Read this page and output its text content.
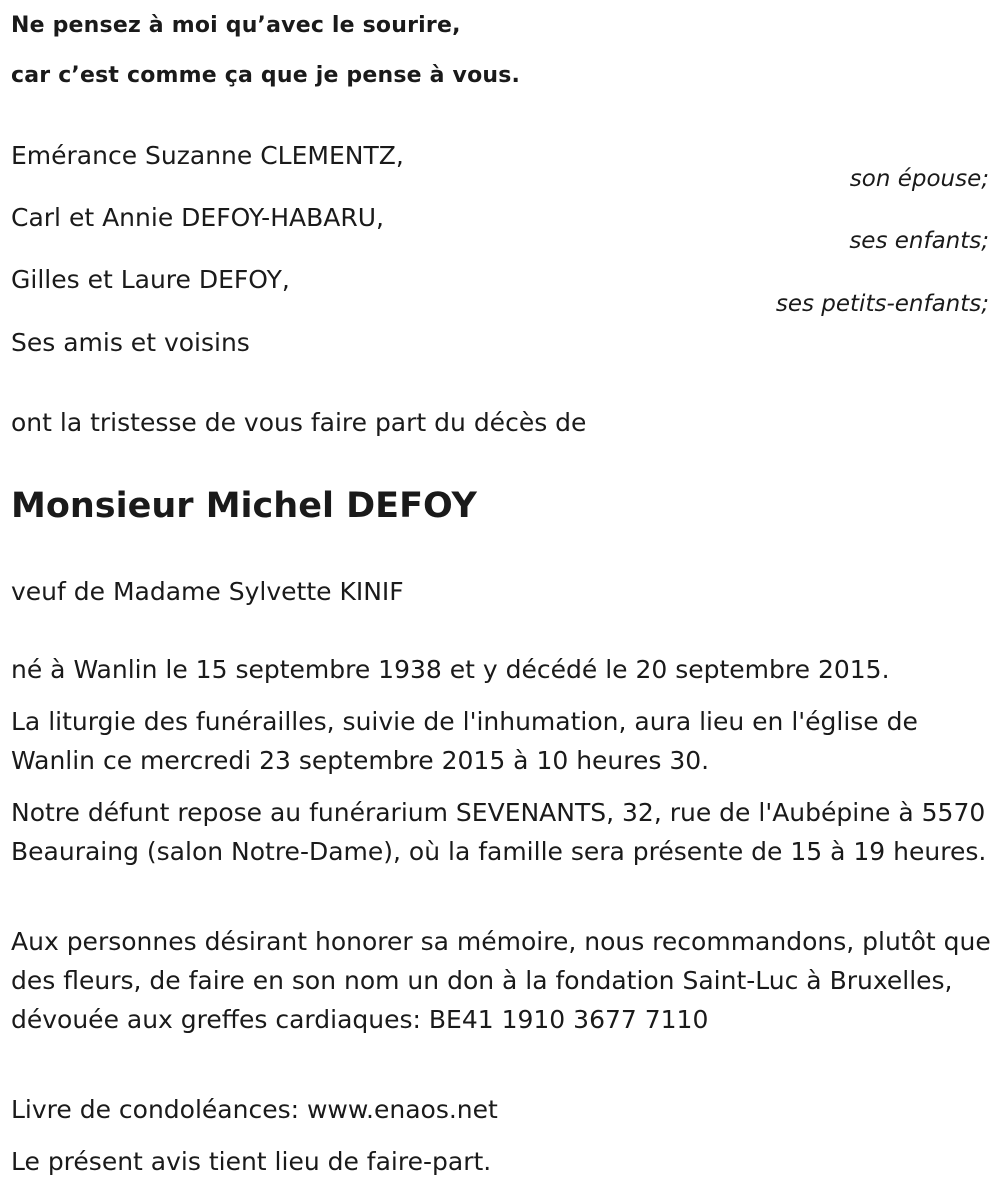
Ne pensez à moi qu’avec le sourire,

car c’est comme ça que je pense à vous.

Emérance Suzanne CLEMENTZ,

son épouse;

Carl et Annie DEFOY-HABARU,

ses enfants;

Gilles et Laure DEFOY,

ses petits-enfants;

Ses amis et voisins

ont la tristesse de vous faire part du décès de

Monsieur Michel DEFOY

veuf de Madame Sylvette KINIF

né à Wanlin le 15 septembre 1938 et y décédé le 20 septembre 2015.

La liturgie des funérailles, suivie de l'inhumation, aura lieu en l'église de Wanlin ce mercredi 23 septembre 2015 à 10 heures 30.

Notre défunt repose au funérarium SEVENANTS, 32, rue de l'Aubépine à 5570 Beauraing (salon Notre-Dame), où la famille sera présente de 15 à 19 heures.

Aux personnes désirant honorer sa mémoire, nous recommandons, plutôt que des fleurs, de faire en son nom un don à la fondation Saint-Luc à Bruxelles, dévouée aux greffes cardiaques: BE41 1910 3677 7110

Livre de condoléances: www.enaos.net

Le présent avis tient lieu de faire-part.
